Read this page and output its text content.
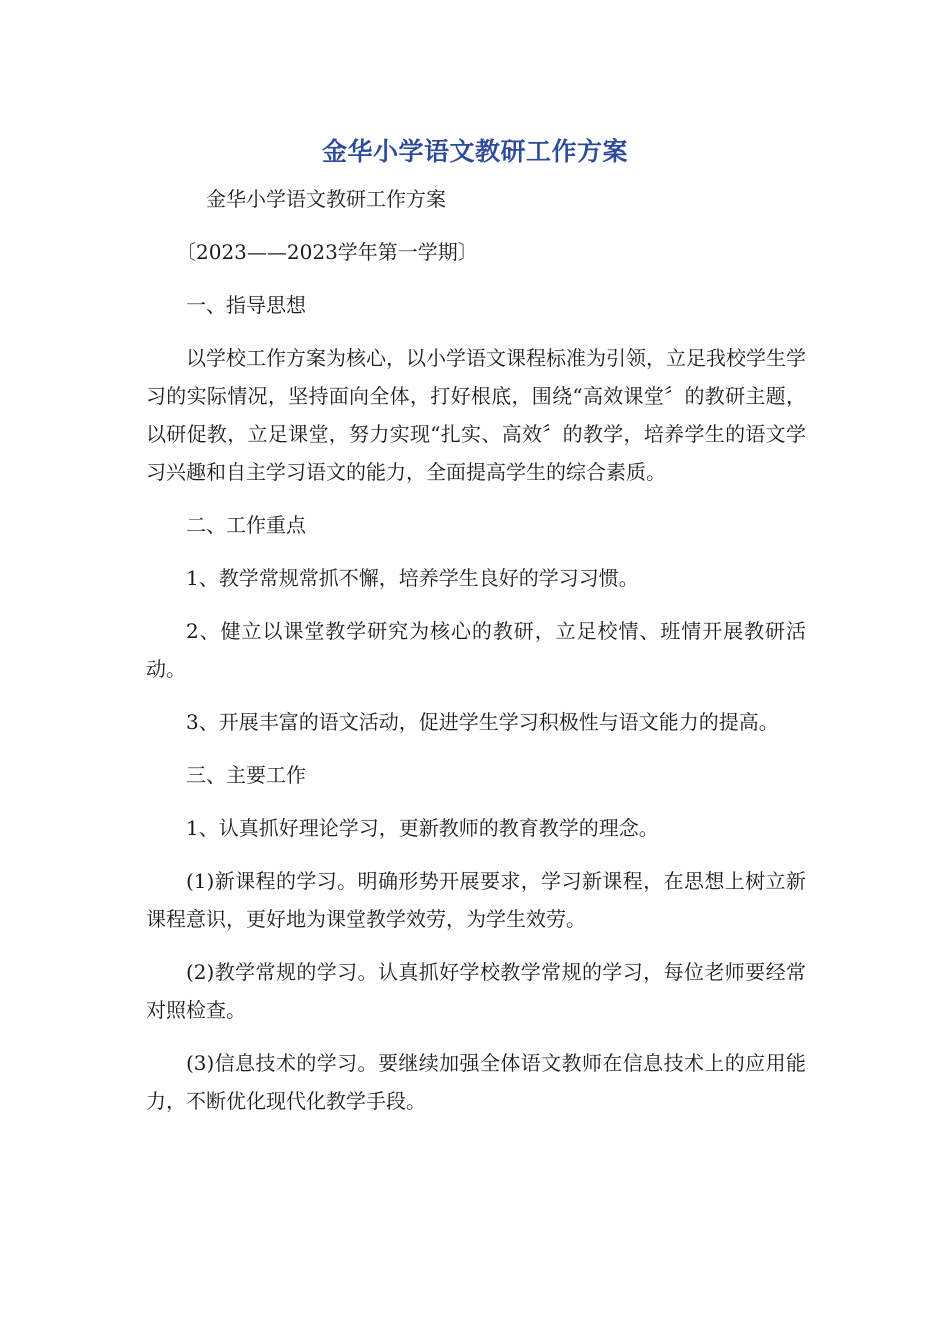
金华小学语文教研工作方案

金华小学语文教研工作方案

〔2023——2023学年第一学期〕

一、指导思想

以学校工作方案为核心，以小学语文课程标准为引领，立足我校学生学习的实际情况，坚持面向全体，打好根底，围绕“高效课堂〞的教研主题，以研促教，立足课堂，努力实现“扎实、高效〞的教学，培养学生的语文学习兴趣和自主学习语文的能力，全面提高学生的综合素质。

二、工作重点

1、教学常规常抓不懈，培养学生良好的学习习惯。

2、健立以课堂教学研究为核心的教研，立足校情、班情开展教研活动。

3、开展丰富的语文活动，促进学生学习积极性与语文能力的提高。

三、主要工作

1、认真抓好理论学习，更新教师的教育教学的理念。

(1)新课程的学习。明确形势开展要求，学习新课程，在思想上树立新课程意识，更好地为课堂教学效劳，为学生效劳。

(2)教学常规的学习。认真抓好学校教学常规的学习，每位老师要经常对照检查。

(3)信息技术的学习。要继续加强全体语文教师在信息技术上的应用能力，不断优化现代化教学手段。
